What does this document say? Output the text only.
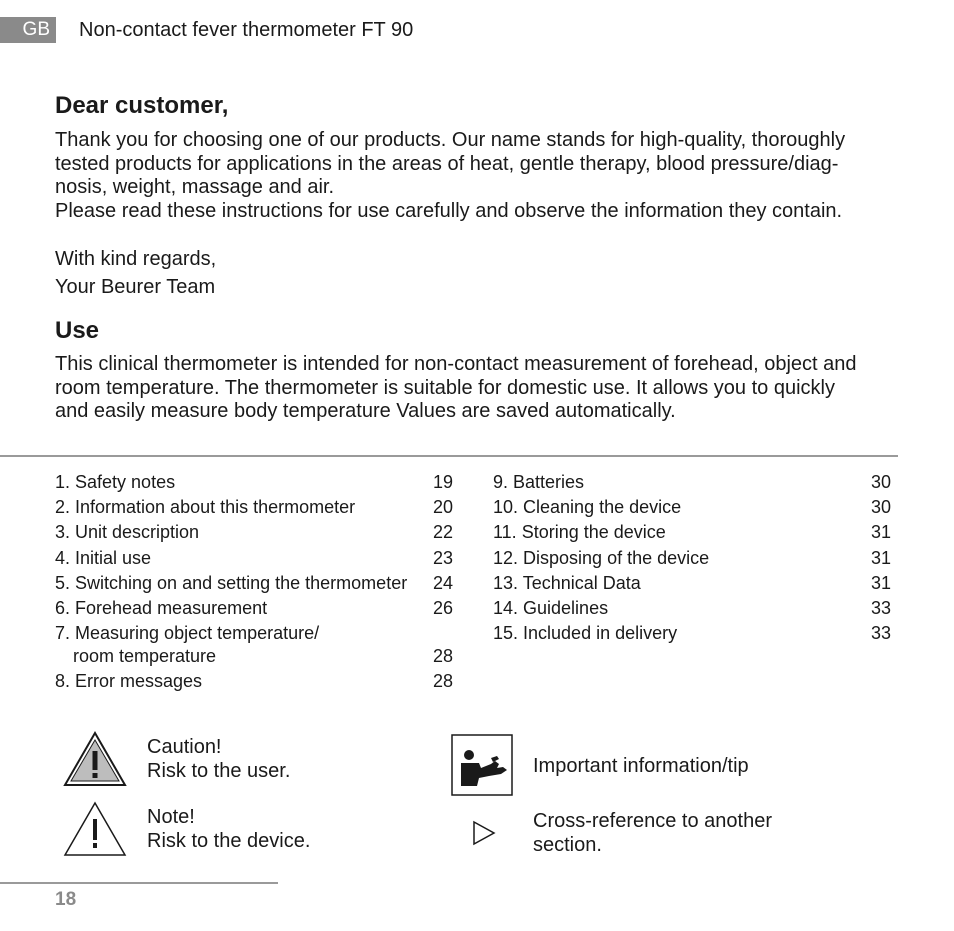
GB Non-contact fever thermometer FT 90
Dear customer,
Thank you for choosing one of our products. Our name stands for high-quality, thoroughly
tested products for applications in the areas of heat, gentle therapy, blood pressure/diag-
nosis, weight, massage and air.
Please read these instructions for use carefully and observe the information they contain.
With kind regards,
Your Beurer Team
Use
This clinical thermometer is intended for non-contact measurement of forehead, object and
room temperature. The thermometer is suitable for domestic use. It allows you to quickly
and easily measure body temperature Values are saved automatically.
1. Safety notes	19
2. Information about this thermometer	20
3. Unit description	22
4. Initial use	23
5. Switching on and setting the thermometer	24
6. Forehead measurement	26
7. Measuring object temperature/
room temperature	28
8. Error messages	28
9. Batteries	30
10. Cleaning the device	30
11. Storing the device	31
12. Disposing of the device	31
13. Technical Data	31
14. Guidelines	33
15. Included in delivery	33
Caution!
Risk to the user.
Note!
Risk to the device.
Important information/tip
Cross-reference to another
section.
18
